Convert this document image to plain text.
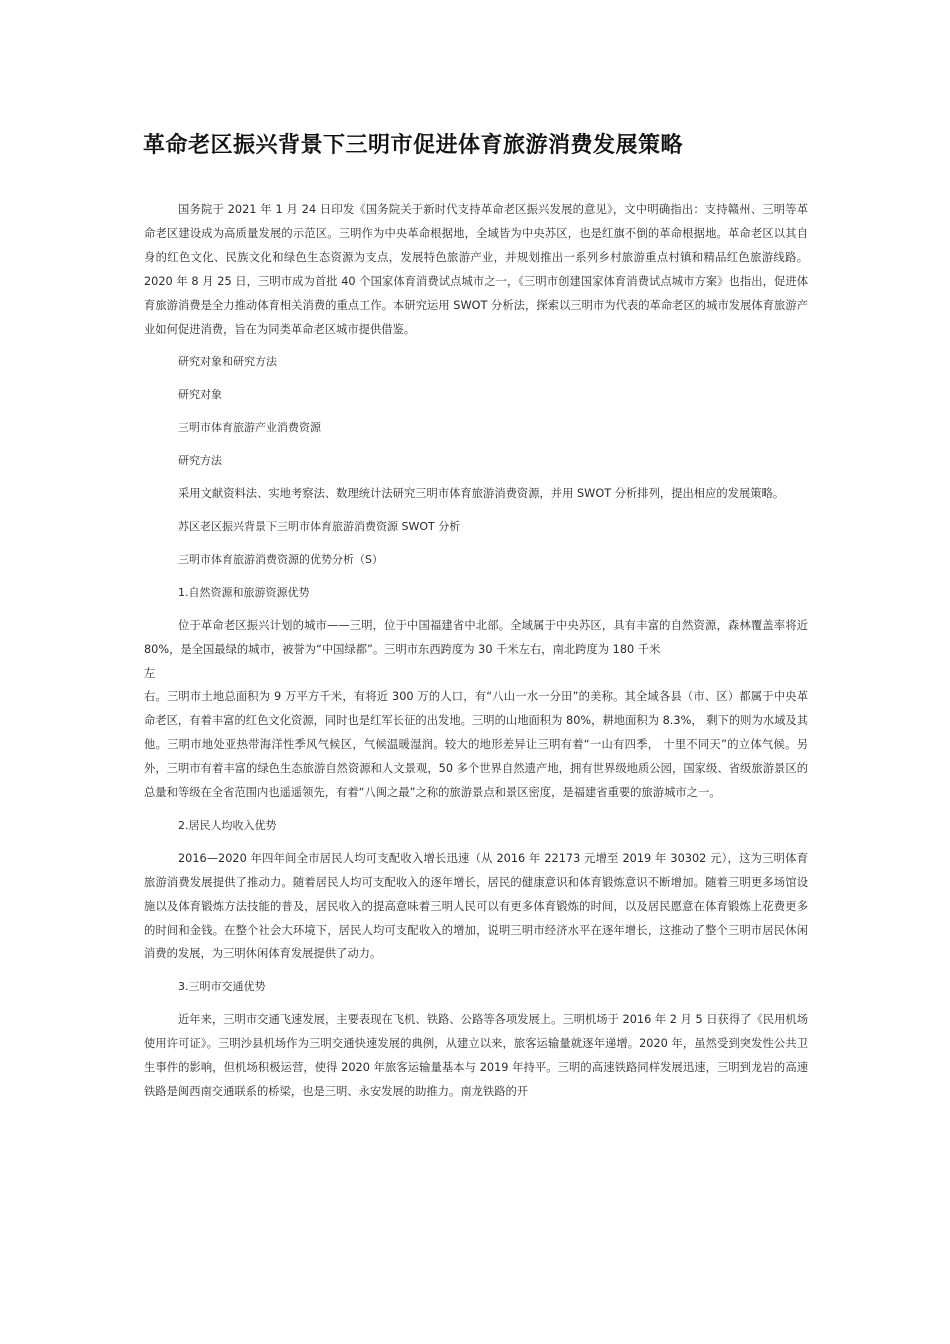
革命老区振兴背景下三明市促进体育旅游消费发展策略

国务院于 2021 年 1 月 24 日印发《国务院关于新时代支持革命老区振兴发展的意见》，文中明确指出：支持赣州、三明等革命老区建设成为高质量发展的示范区。三明作为中央革命根据地，全域皆为中央苏区，也是红旗不倒的革命根据地。革命老区以其自身的红色文化、民族文化和绿色生态资源为支点，发展特色旅游产业，并规划推出一系列乡村旅游重点村镇和精品红色旅游线路。2020 年 8 月 25 日，三明市成为首批 40 个国家体育消费试点城市之一，《三明市创建国家体育消费试点城市方案》也指出，促进体育旅游消费是全力推动体育相关消费的重点工作。本研究运用 SWOT 分析法，探索以三明市为代表的革命老区的城市发展体育旅游产业如何促进消费，旨在为同类革命老区城市提供借鉴。

研究对象和研究方法

研究对象

三明市体育旅游产业消费资源

研究方法

采用文献资料法、实地考察法、数理统计法研究三明市体育旅游消费资源，并用 SWOT 分析排列，提出相应的发展策略。

苏区老区振兴背景下三明市体育旅游消费资源 SWOT 分析

三明市体育旅游消费资源的优势分析（S）

1.自然资源和旅游资源优势

位于革命老区振兴计划的城市——三明，位于中国福建省中北部。全域属于中央苏区，具有丰富的自然资源，森林覆盖率将近 80%，是全国最绿的城市，被誉为“中国绿都”。三明市东西跨度为 30 千米左右，南北跨度为 180 千米

左

右。三明市土地总面积为 9 万平方千米，有将近 300 万的人口，有“八山一水一分田”的美称。其全域各县（市、区）都属于中央革命老区，有着丰富的红色文化资源，同时也是红军长征的出发地。三明的山地面积为 80%，耕地面积为 8.3%， 剩下的则为水域及其他。三明市地处亚热带海洋性季风气候区，气候温暖湿润。较大的地形差异让三明有着“一山有四季， 十里不同天”的立体气候。另外，三明市有着丰富的绿色生态旅游自然资源和人文景观，50 多个世界自然遗产地，拥有世界级地质公园，国家级、省级旅游景区的总量和等级在全省范围内也遥遥领先，有着“八闽之最”之称的旅游景点和景区密度，是福建省重要的旅游城市之一。

2.居民人均收入优势

2016—2020 年四年间全市居民人均可支配收入增长迅速（从 2016 年 22173 元增至 2019 年 30302 元），这为三明体育旅游消费发展提供了推动力。随着居民人均可支配收入的逐年增长，居民的健康意识和体育锻炼意识不断增加。随着三明更多场馆设施以及体育锻炼方法技能的普及，居民收入的提高意味着三明人民可以有更多体育锻炼的时间，以及居民愿意在体育锻炼上花费更多的时间和金钱。在整个社会大环境下，居民人均可支配收入的增加，说明三明市经济水平在逐年增长，这推动了整个三明市居民休闲消费的发展，为三明休闲体育发展提供了动力。

3.三明市交通优势

近年来，三明市交通飞速发展，主要表现在飞机、铁路、公路等各项发展上。三明机场于 2016 年 2 月 5 日获得了《民用机场使用许可证》。三明沙县机场作为三明交通快速发展的典例，从建立以来，旅客运输量就逐年递增。2020 年，虽然受到突发性公共卫生事件的影响，但机场积极运营，使得 2020 年旅客运输量基本与 2019 年持平。三明的高速铁路同样发展迅速，三明到龙岩的高速铁路是闽西南交通联系的桥梁，也是三明、永安发展的助推力。南龙铁路的开
